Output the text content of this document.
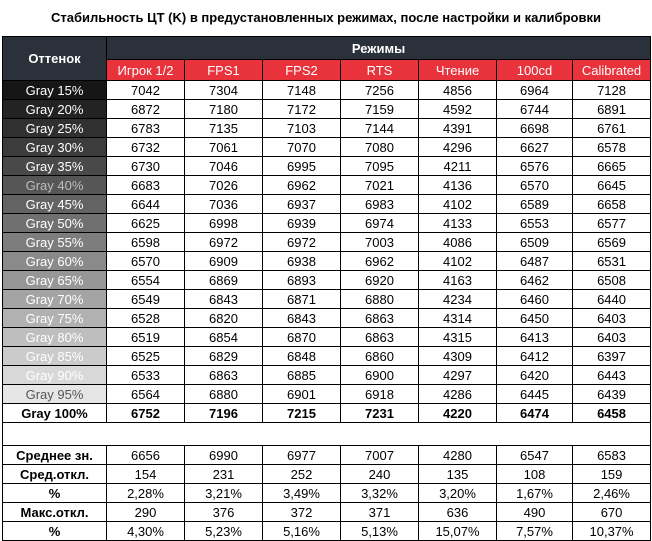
Стабильность ЦТ (K) в предустановленных режимах, после настройки и калибровки
Оттенок	Режимы						
	Игрок 1/2	FPS1	FPS2	RTS	Чтение	100cd	Calibrated
Gray 15%	7042	7304	7148	7256	4856	6964	7128
Gray 20%	6872	7180	7172	7159	4592	6744	6891
Gray 25%	6783	7135	7103	7144	4391	6698	6761
Gray 30%	6732	7061	7070	7080	4296	6627	6578
Gray 35%	6730	7046	6995	7095	4211	6576	6665
Gray 40%	6683	7026	6962	7021	4136	6570	6645
Gray 45%	6644	7036	6937	6983	4102	6589	6658
Gray 50%	6625	6998	6939	6974	4133	6553	6577
Gray 55%	6598	6972	6972	7003	4086	6509	6569
Gray 60%	6570	6909	6938	6962	4102	6487	6531
Gray 65%	6554	6869	6893	6920	4163	6462	6508
Gray 70%	6549	6843	6871	6880	4234	6460	6440
Gray 75%	6528	6820	6843	6863	4314	6450	6403
Gray 80%	6519	6854	6870	6863	4315	6413	6403
Gray 85%	6525	6829	6848	6860	4309	6412	6397
Gray 90%	6533	6863	6885	6900	4297	6420	6443
Gray 95%	6564	6880	6901	6918	4286	6445	6439
Gray 100%	6752	7196	7215	7231	4220	6474	6458

Среднее зн.	6656	6990	6977	7007	4280	6547	6583
Сред.откл.	154	231	252	240	135	108	159
%	2,28%	3,21%	3,49%	3,32%	3,20%	1,67%	2,46%
Макс.откл.	290	376	372	371	636	490	670
%	4,30%	5,23%	5,16%	5,13%	15,07%	7,57%	10,37%
